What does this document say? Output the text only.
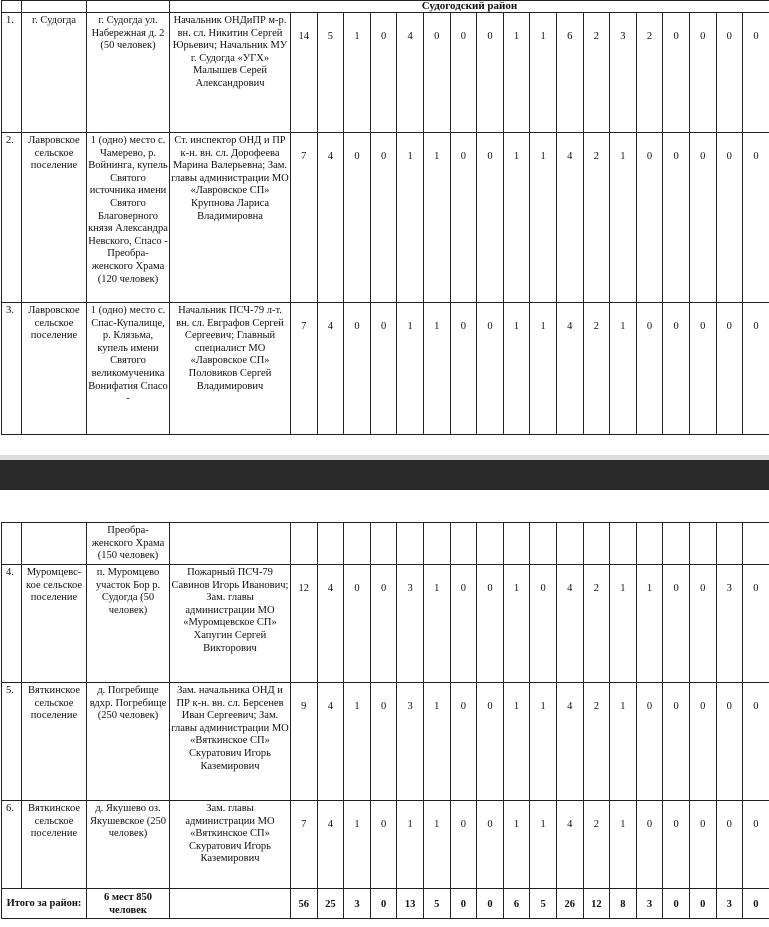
			Судогодский район																		
1.	г. Судогда	г. Судогда ул. Набережная д. 2 (50 человек)	Начальник ОНДиПР м-р. вн. сл. Никитин Сергей Юрьевич; Начальник МУ г. Судогда «УГХ» Малышев Серей Александрович	14	5	1	0	4	0	0	0	1	1	6	2	3	2	0	0	0	0
2.	Лавровское сельское поселение	1 (одно) место с. Чамерево, р. Войнинга, купель Святого источника имени Святого Благоверного князя Александра Невского, Спасо - Преобра-женского Храма (120 человек)	Ст. инспектор ОНД и ПР к-н. вн. сл. Дорофеева Марина Валерьевна; Зам. главы администрации МО «Лавровское СП» Крупнова Лариса Владимировна	7	4	0	0	1	1	0	0	1	1	4	2	1	0	0	0	0	0
3.	Лавровское сельское поселение	1 (одно) место с. Спас-Купалище, р. Клязьма, купель имени Святого великомученика Вонифатия Спасо -	Начальник ПСЧ-79 л-т. вн. сл. Евграфов Сергей Сергеевич; Главный специалист МО «Лавровское СП» Половиков Сергей Владимирович	7	4	0	0	1	1	0	0	1	1	4	2	1	0	0	0	0	0
		Преобра-женского Храма (150 человек)																			
4.	Муромцевс-кое сельское поселение	п. Муромцево участок Бор р. Судогда (50 человек)	Пожарный ПСЧ-79 Савинов Игорь Иванович; Зам. главы администрации МО «Муромцевское СП» Хапугин Сергей Викторович	12	4	0	0	3	1	0	0	1	0	4	2	1	1	0	0	3	0
5.	Вяткинское сельское поселение	д. Погребище вдхр. Погребище (250 человек)	Зам. начальника ОНД и ПР к-н. вн. сл. Берсенев Иван Сергеевич; Зам. главы администрации МО «Вяткинское СП» Скуратович Игорь Каземирович	9	4	1	0	3	1	0	0	1	1	4	2	1	0	0	0	0	0
6.	Вяткинское сельское поселение	д. Якушево оз. Якушевское (250 человек)	Зам. главы администрации МО «Вяткинское СП» Скуратович Игорь Каземирович	7	4	1	0	1	1	0	0	1	1	4	2	1	0	0	0	0	0
Итого за район:		6 мест 850 человек		56	25	3	0	13	5	0	0	6	5	26	12	8	3	0	0	3	0
